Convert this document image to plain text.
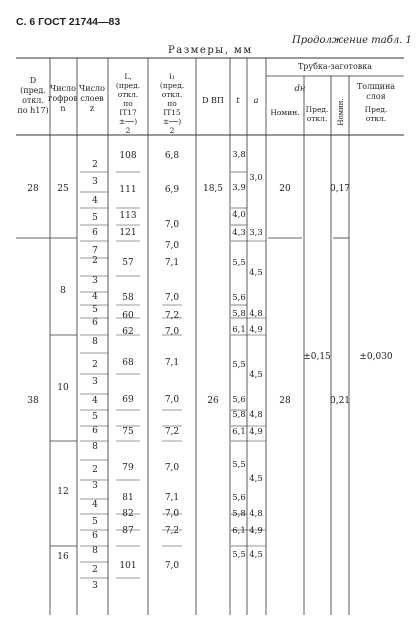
С. 6 ГОСТ 21744—83
Продолжение табл. 1
Размеры, мм
D
(пред.
откл.
по h17)
Число
гофров
n
Число
слоев
z
L,
(пред.
откл.
по
IT17
±──)
2
l₁
(пред.
откл.
по
IT15
±──)
2
D ВП t a
Трубка-заготовка
dн	Толщина
слоя
Номин. Пред.
откл. Номин.	Пред.
откл.
2
3
4
5
6
7
2
3
4
5
6
8
2
3
4
5
6
8
2
3
4
5
6
8
2
3
28
38
25
8
10
12
16
108
111
113
121
57
58
60
62
68
69
75
79
81
82
87
101
6,8
6,9
7,0
7,0
7,1
7,0
7,2
7,0
7,1
7,0
7,2
7,0
7,1
7,0
7,2
7,0
18,5
26
3,8
3,9
4,0
4,3
5,5
5,6
5,8
6,1
5,5
5,6
5,8
6,1
5,5
5,6
5,8
6,1
5,5
3,0
3,3
4,5
4,8
4,9
4,5
4,8
4,9
4,5
4,8
4,9
4,5
20
28
±0,15
0,17
0,21
±0,030
